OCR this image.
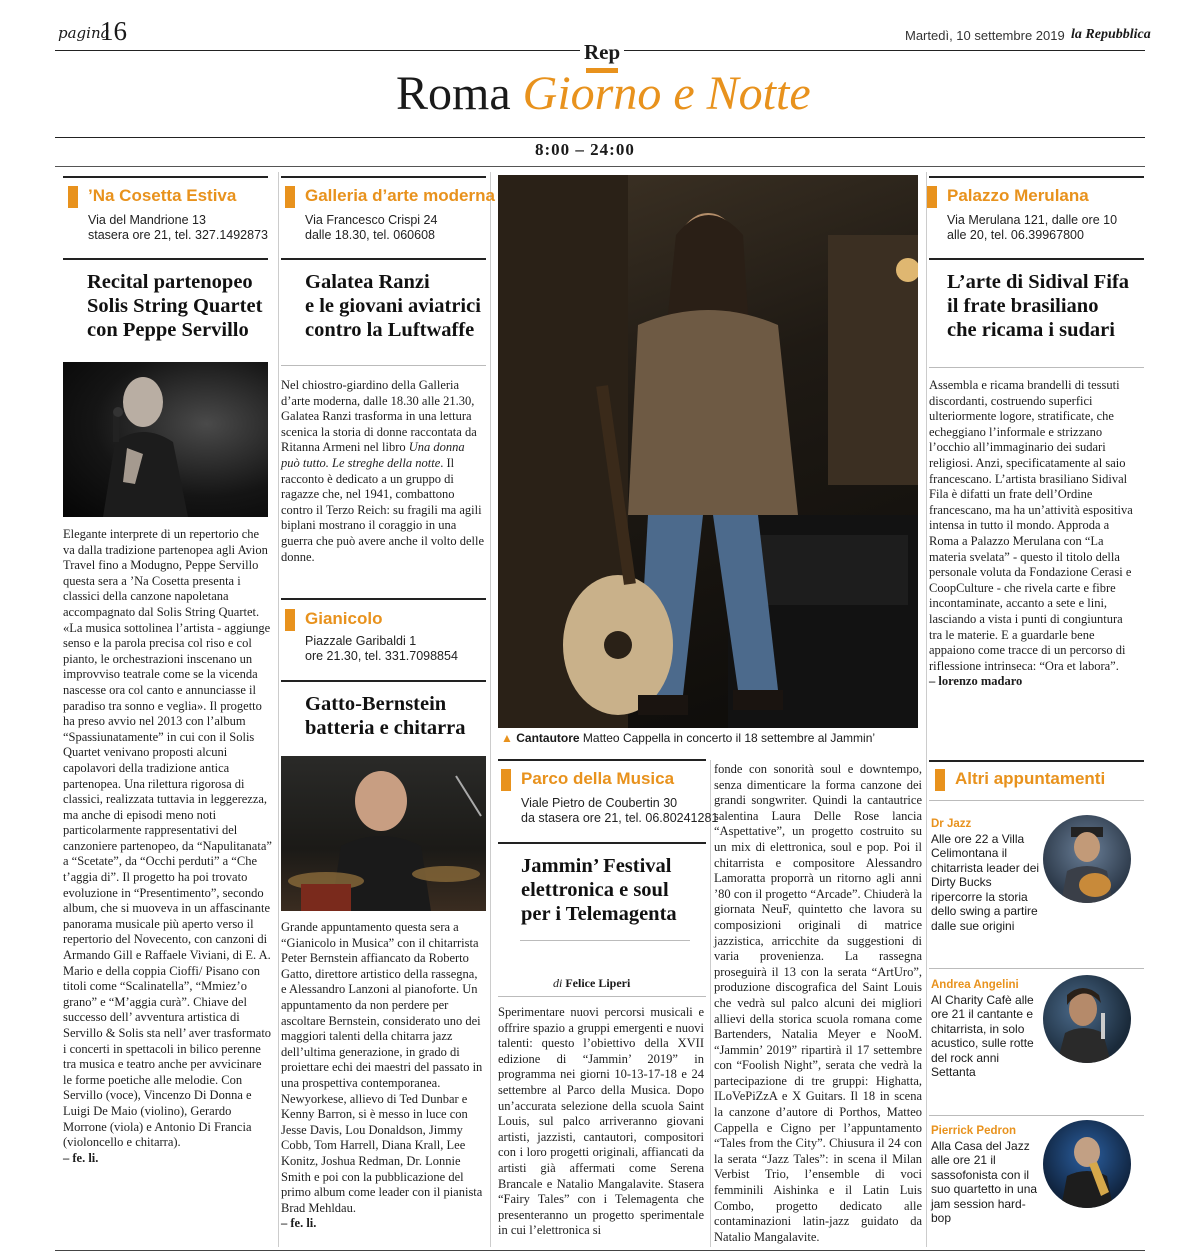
pagina
16	Martedì, 10 settembre 2019 la Repubblica
Rep
Roma Giorno e Notte
8:00 – 24:00
’Na Cosetta Estiva
Via del Mandrione 13
stasera ore 21, tel. 327.1492873
Recital partenopeo
Solis String Quartet
con Peppe Servillo

Elegante interprete di un repertorio che va dalla tradizione partenopea agli Avion Travel fino a Modugno, Peppe Servillo questa sera a ’Na Cosetta presenta i classici della canzone napoletana accompagnato dal Solis String Quartet. «La musica sottolinea l’artista - aggiunge senso e la parola precisa col riso e col pianto, le orchestrazioni inscenano un improvviso teatrale come se la vicenda nascesse ora col canto e annunciasse il paradiso tra sonno e veglia». Il progetto ha preso avvio nel 2013 con l’album “Spassiunatamente” in cui con il Solis Quartet venivano proposti alcuni capolavori della tradizione antica partenopea. Una rilettura rigorosa di classici, realizzata tuttavia in leggerezza, ma anche di episodi meno noti particolarmente rappresentativi del canzoniere partenopeo, da “Napulitanata” a “Scetate”, da “Occhi perduti” a “Che t’aggia di”. Il progetto ha poi trovato evoluzione in “Presentimento”, secondo album, che si muoveva in un affascinante panorama musicale più aperto verso il repertorio del Novecento, con canzoni di Armando Gill e Raffaele Viviani, di E. A. Mario e della coppia Cioffi/ Pisano con titoli come “Scalinatella”, “Mmiez’o grano” e “M’aggia curà”. Chiave del successo dell’ avventura artistica di Servillo & Solis sta nell’ aver trasformato i concerti in spettacoli in bilico perenne tra musica e teatro anche per avvicinare le forme poetiche alle melodie. Con Servillo (voce), Vincenzo Di Donna e Luigi De Maio (violino), Gerardo Morrone (viola) e Antonio Di Francia (violoncello e chitarra).

– fe. li.
Galleria d’arte moderna
Via Francesco Crispi 24
dalle 18.30, tel. 060608
Galatea Ranzi
e le giovani aviatrici
contro la Luftwaffe

Nel chiostro-giardino della Galleria d’arte moderna, dalle 18.30 alle 21.30, Galatea Ranzi trasforma in una lettura scenica la storia di donne raccontata da Ritanna Armeni nel libro Una donna può tutto. Le streghe della notte. Il racconto è dedicato a un gruppo di ragazze che, nel 1941, combattono contro il Terzo Reich: su fragili ma agili biplani mostrano il coraggio in una guerra che può avere anche il volto delle donne.

Gianicolo
Piazzale Garibaldi 1
ore 21.30, tel. 331.7098854
Gatto-Bernstein
batteria e chitarra

Grande appuntamento questa sera a “Gianicolo in Musica” con il chitarrista Peter Bernstein affiancato da Roberto Gatto, direttore artistico della rassegna, e Alessandro Lanzoni al pianoforte. Un appuntamento da non perdere per ascoltare Bernstein, considerato uno dei maggiori talenti della chitarra jazz dell’ultima generazione, in grado di proiettare echi dei maestri del passato in una prospettiva contemporanea. Newyorkese, allievo di Ted Dunbar e Kenny Barron, si è messo in luce con Jesse Davis, Lou Donaldson, Jimmy Cobb, Tom Harrell, Diana Krall, Lee Konitz, Joshua Redman, Dr. Lonnie Smith e poi con la pubblicazione del primo album come leader con il pianista Brad Mehldau.

– fe. li.
▲ Cantautore Matteo Cappella in concerto il 18 settembre al Jammin’
Parco della Musica
Viale Pietro de Coubertin 30
da stasera ore 21, tel. 06.80241281
Jammin’ Festival
elettronica e soul
per i Telemagenta
di Felice Liperi

Sperimentare nuovi percorsi musicali e offrire spazio a gruppi emergenti e nuovi talenti: questo l’obiettivo della XVII edizione di “Jammin’ 2019” in programma nei giorni 10-13-17-18 e 24 settembre al Parco della Musica. Dopo un’accurata selezione della scuola Saint Louis, sul palco arriveranno giovani artisti, jazzisti, cantautori, compositori con i loro progetti originali, affiancati da artisti già affermati come Serena Brancale e Natalio Mangalavite. Stasera “Fairy Tales” con i Telemagenta che presenteranno un progetto sperimentale in cui l’elettronica si

fonde con sonorità soul e downtempo, senza dimenticare la forma canzone dei grandi songwriter. Quindi la cantautrice salentina Laura Delle Rose lancia “Aspettative”, un progetto costruito su un mix di elettronica, soul e pop. Poi il chitarrista e compositore Alessandro Lamoratta proporrà un ritorno agli anni ’80 con il progetto “Arcade”. Chiuderà la giornata NeuF, quintetto che lavora su composizioni originali di matrice jazzistica, arricchite da suggestioni di varia provenienza. La rassegna proseguirà il 13 con la serata “ArtUro”, produzione discografica del Saint Louis che vedrà sul palco alcuni dei migliori allievi della storica scuola romana come Bartenders, Natalia Meyer e NooM. “Jammin’ 2019” ripartirà il 17 settembre con “Foolish Night”, serata che vedrà la partecipazione di tre gruppi: Highatta, ILoVePiZzA e X Guitars. Il 18 in scena la canzone d’autore di Porthos, Matteo Cappella e Cigno per l’appuntamento “Tales from the City”. Chiusura il 24 con la serata “Jazz Tales”: in scena il Milan Verbist Trio, l’ensemble di voci femminili Aishinka e il Latin Luis Combo, progetto dedicato alle contaminazioni latin-jazz guidato da Natalio Mangalavite.

Palazzo Merulana
Via Merulana 121, dalle ore 10
alle 20, tel. 06.39967800
L’arte di Sidival Fifa
il frate brasiliano
che ricama i sudari

Assembla e ricama brandelli di tessuti discordanti, costruendo superfici ulteriormente logore, stratificate, che echeggiano l’informale e strizzano l’occhio all’immaginario dei sudari religiosi. Anzi, specificatamente al saio francescano. L’artista brasiliano Sidival Fila è difatti un frate dell’Ordine francescano, ma ha un’attività espositiva intensa in tutto il mondo. Approda a Roma a Palazzo Merulana con “La materia svelata” - questo il titolo della personale voluta da Fondazione Cerasi e CoopCulture - che rivela carte e fibre incontaminate, accanto a sete e lini, lasciando a vista i punti di congiuntura tra le materie. E a guardarle bene appaiono come tracce di un percorso di riflessione intrinseca: “Ora et labora”.

– lorenzo madaro
Altri appuntamenti
Dr Jazz
Alle ore 22 a Villa Celimontana il chitarrista leader dei Dirty Bucks ripercorre la storia dello swing a partire dalle sue origini
Andrea Angelini
Al Charity Cafè alle ore 21 il cantante e chitarrista, in solo acustico, sulle rotte del rock anni Settanta
Pierrick Pedron
Alla Casa del Jazz alle ore 21 il sassofonista con il suo quartetto in una jam session hard-bop
